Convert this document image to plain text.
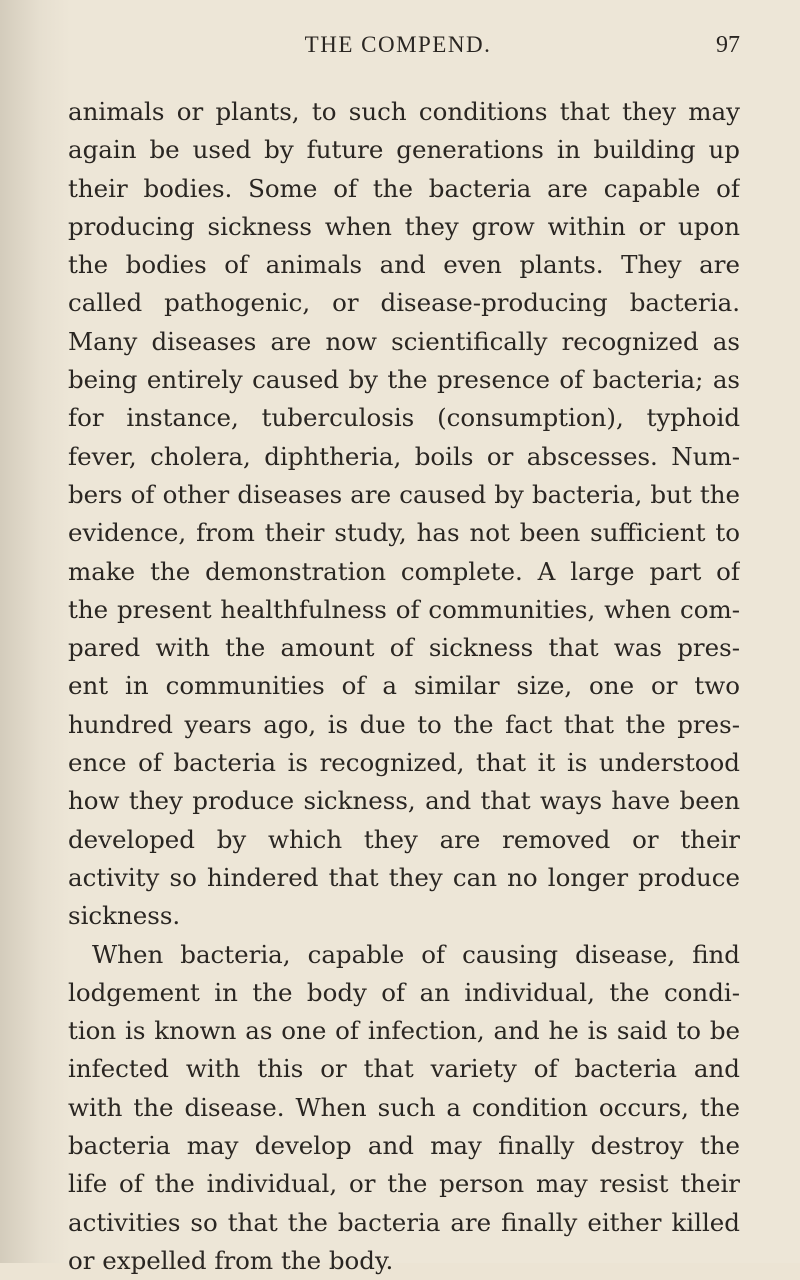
THE COMPEND.	97
animals or plants, to such conditions that they may
again be used by future generations in building up
their bodies. Some of the bacteria are capable of
producing sickness when they grow within or upon
the bodies of animals and even plants. They are
called pathogenic, or disease-producing bacteria.
Many diseases are now scientifically recognized as
being entirely caused by the presence of bacteria; as
for instance, tuberculosis (consumption), typhoid
fever, cholera, diphtheria, boils or abscesses. Num-
bers of other diseases are caused by bacteria, but the
evidence, from their study, has not been sufficient to
make the demonstration complete. A large part of
the present healthfulness of communities, when com-
pared with the amount of sickness that was pres-
ent in communities of a similar size, one or two
hundred years ago, is due to the fact that the pres-
ence of bacteria is recognized, that it is understood
how they produce sickness, and that ways have been
developed by which they are removed or their
activity so hindered that they can no longer produce
sickness.
When bacteria, capable of causing disease, find
lodgement in the body of an individual, the condi-
tion is known as one of infection, and he is said to be
infected with this or that variety of bacteria and
with the disease. When such a condition occurs, the
bacteria may develop and may finally destroy the
life of the individual, or the person may resist their
activities so that the bacteria are finally either killed
or expelled from the body.
